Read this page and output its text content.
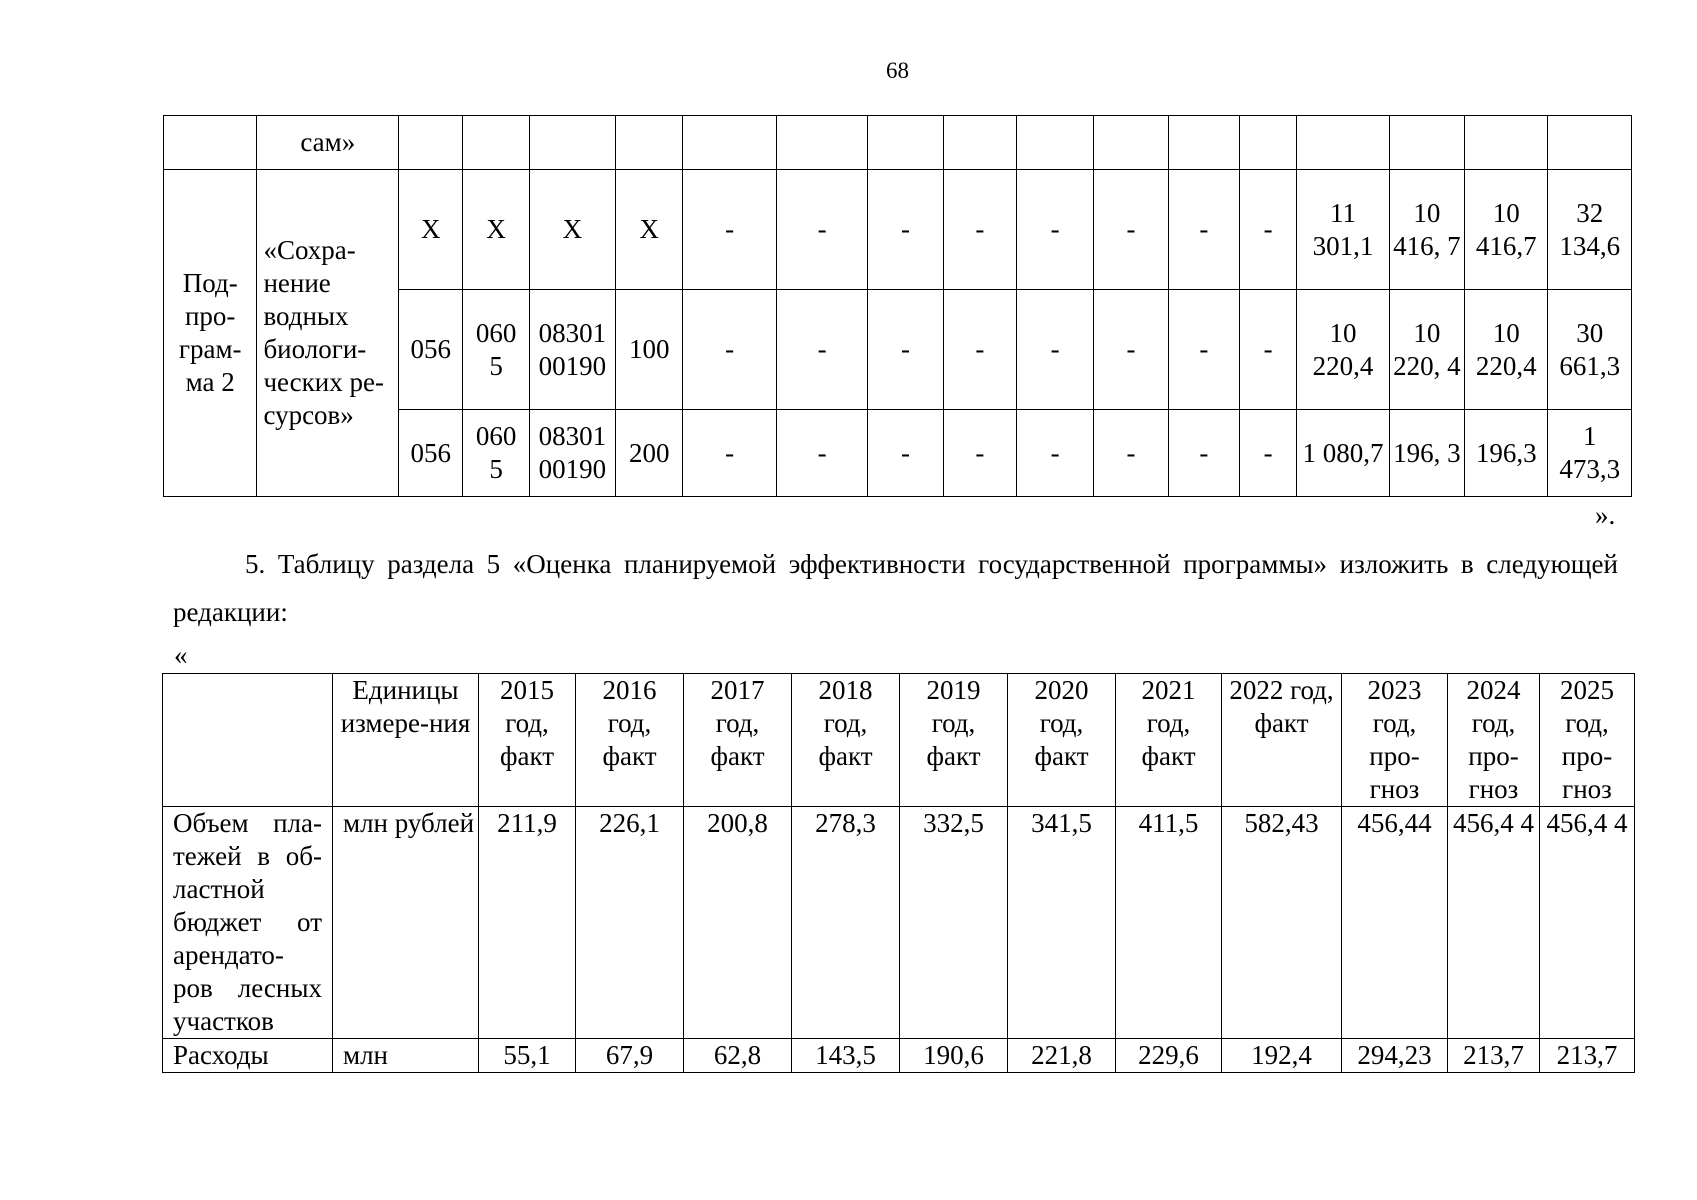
68
	сам»																
Под-про-грам-ма 2	«Сохра-нение водных биологи-ческих ре-сурсов»	Х	Х	Х	Х	-	-	-	-	-	-	-	-	11 301,1	10 416, 7	10 416,7	32 134,6
		056	060 5	08301 00190	100	-	-	-	-	-	-	-	-	10 220,4	10 220, 4	10 220,4	30 661,3
		056	060 5	08301 00190	200	-	-	-	-	-	-	-	-	1 080,7	196, 3	196,3	1 473,3
».
5. Таблицу раздела 5 «Оценка планируемой эффективности государственной программы» изложить в следующей редакции:
«
	Единицы измере-ния	2015 год, факт	2016 год, факт	2017 год, факт	2018 год, факт	2019 год, факт	2020 год, факт	2021 год, факт	2022 год, факт	2023 год, про-гноз	2024 год, про-гноз	2025 год, про-гноз
Объем пла-тежей в об-ластной бюджет от арендато-ров лесных участков	млн рублей	211,9	226,1	200,8	278,3	332,5	341,5	411,5	582,43	456,44	456,4 4	456,4 4
Расходы	млн	55,1	67,9	62,8	143,5	190,6	221,8	229,6	192,4	294,23	213,7	213,7
